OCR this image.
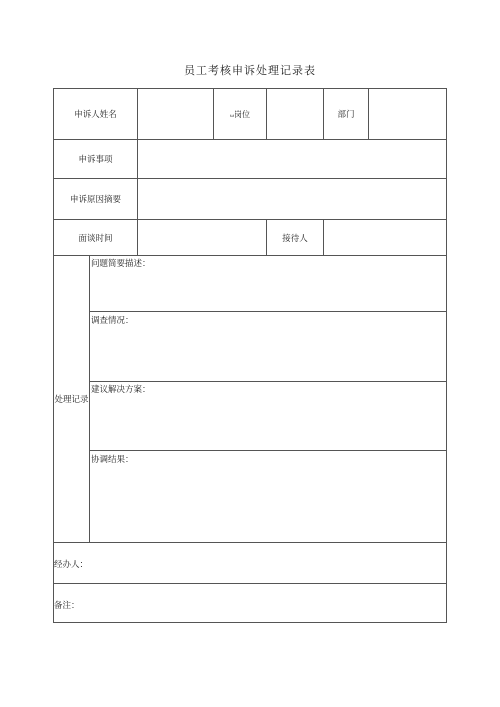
员工考核申诉处理记录表
申诉人姓名	ω岗位	部门
申诉事项
申诉原因摘要
面谈时间	接待人
处理记录
问题简要描述：
调查情况：
建议解决方案：
协调结果：
经办人：
备注：
